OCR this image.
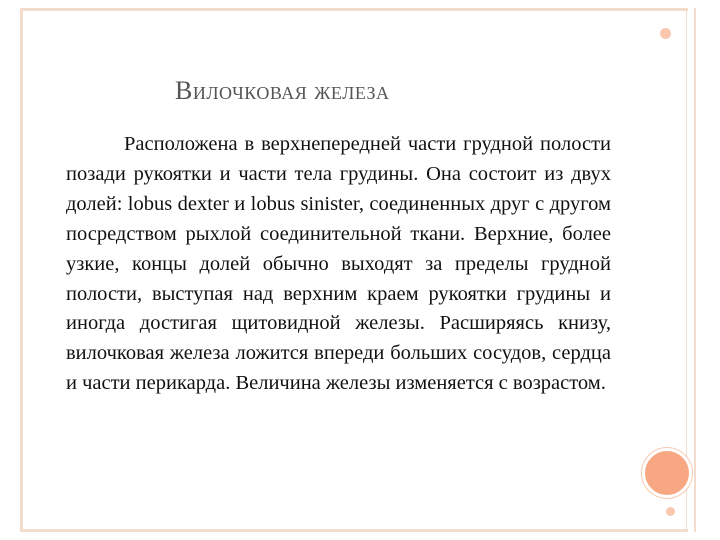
Вилочковая железа

Расположена в верхнепередней части грудной полости позади рукоятки и части тела грудины. Она состоит из двух долей: lobus dexter и lobus sinister, соединенных друг с другом посредством рыхлой соединительной ткани. Верхние, более узкие, концы долей обычно выходят за пределы грудной полости, выступая над верхним краем рукоятки грудины и иногда достигая щитовидной железы. Расширяясь книзу, вилочковая железа ложится впереди больших сосудов, сердца и части перикарда. Величина железы изменяется с возрастом.
